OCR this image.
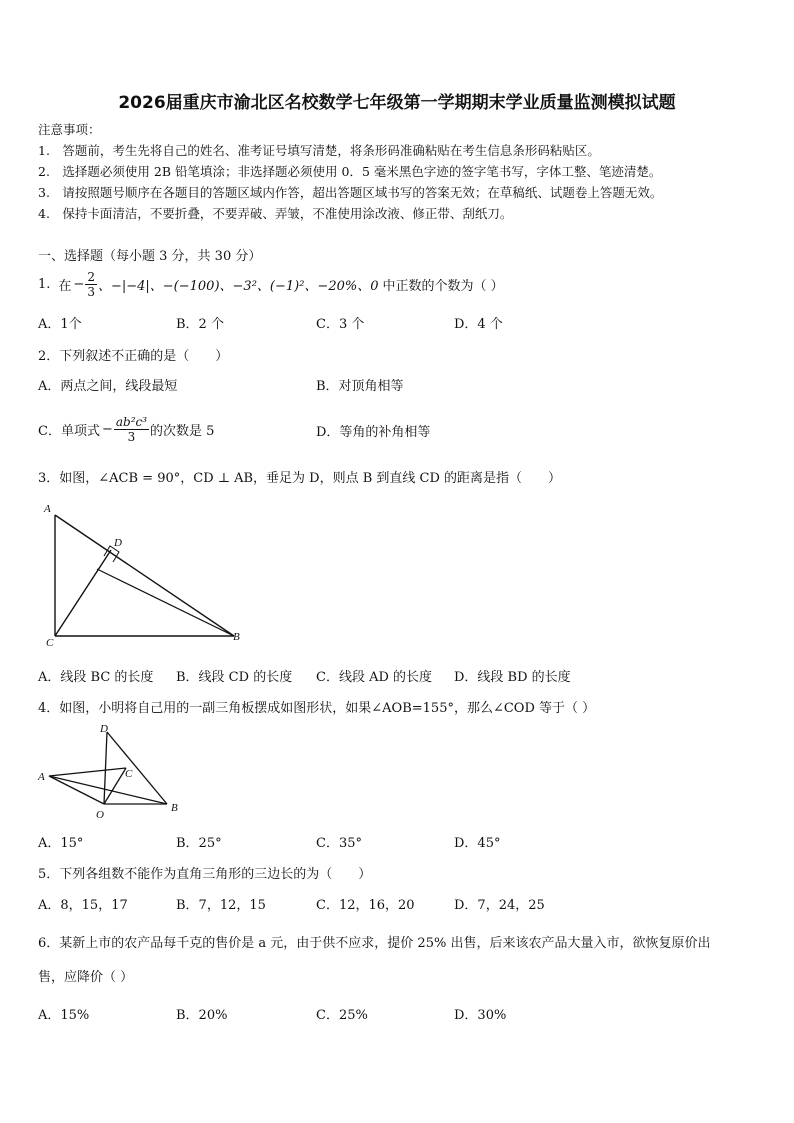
2026届重庆市渝北区名校数学七年级第一学期期末学业质量监测模拟试题
注意事项：
1.　答题前，考生先将自己的姓名、准考证号填写清楚，将条形码准确粘贴在考生信息条形码粘贴区。
2.　选择题必须使用 2B 铅笔填涂；非选择题必须使用 0．5 毫米黑色字迹的签字笔书写，字体工整、笔迹清楚。
3.　请按照题号顺序在各题目的答题区域内作答，超出答题区域书写的答案无效；在草稿纸、试题卷上答题无效。
4.　保持卡面清洁，不要折叠，不要弄破、弄皱，不准使用涂改液、修正带、刮纸刀。
一、选择题（每小题 3 分，共 30 分）
1. 在 − $\frac{2}{3}$ 、−|−4|、−(−100)、−3²、(−1)²、−20%、0 中正数的个数为（ ）
A．1个	B．2 个	C．3 个	D．4 个
2．下列叙述不正确的是（　　）
A．两点之间，线段最短	B．对顶角相等
C．单项式 − $\frac{\text{ab²c³}}{3}$ 的次数是 5	D．等角的补角相等
3．如图，∠ACB = 90°，CD ⊥ AB，垂足为 D，则点 B 到直线 CD 的距离是指（　　）
A
D
C	B
A．线段 BC 的长度 B．线段 CD 的长度 C．线段 AD 的长度 D．线段 BD 的长度
4．如图，小明将自己用的一副三角板摆成如图形状，如果∠AOB=155°，那么∠COD 等于（ ）
D
A	C
B
O
A．15°	B．25°	C．35°	D．45°
5．下列各组数不能作为直角三角形的三边长的为（　　）
A．8，15，17	B．7，12，15	C．12，16，20	D．7，24，25
6．某新上市的农产品每千克的售价是 a 元，由于供不应求，提价 25% 出售，后来该农产品大量入市，欲恢复原价出
售，应降价（ ）
A．15%	B．20%	C．25%	D．30%
